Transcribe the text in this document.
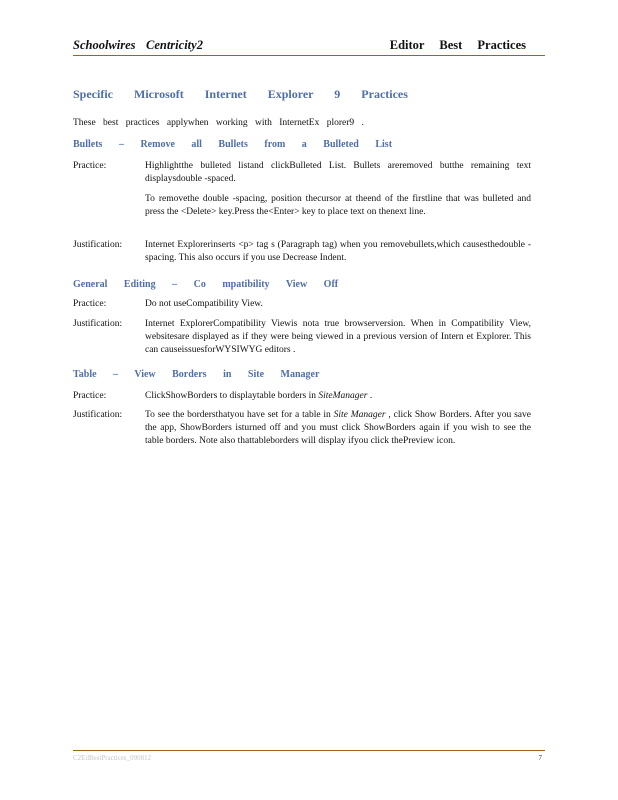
Schoolwires Centricity2	Editor Best Practices
Specific Microsoft Internet Explorer 9 Practices
These best practices applywhen working with InternetEx plorer9 .
Bullets – Remove all Bullets from a Bulleted List
Practice:	Highlightthe bulleted listand clickBulleted List. Bullets areremoved butthe remaining text displaysdouble -spaced.
To removethe double -spacing, position thecursor at theend of the firstline that was bulleted and press the <Delete> key.Press the<Enter> key to place text on thenext line.
Justification: Internet Explorerinserts <p> tag s (Paragraph tag) when you removebullets,which causesthedouble -spacing. This also occurs if you use Decrease Indent.
General Editing – Co mpatibility View Off
Practice:	Do not useCompatibility View.
Justification: Internet ExplorerCompatibility Viewis nota true browserversion. When in Compatibility View, websitesare displayed as if they were being viewed in a previous version of Intern et Explorer. This can causeissuesforWYSIWYG editors .
Table – View Borders in Site Manager
Practice:	ClickShowBorders to displaytable borders in SiteManager .
Justification: To see the bordersthatyou have set for a table in Site Manager , click Show Borders. After you save the app, ShowBorders isturned off and you must click ShowBorders again if you wish to see the table borders. Note also thattableborders will display ifyou click thePreview icon.
C2EdBestPractices_090812	7
